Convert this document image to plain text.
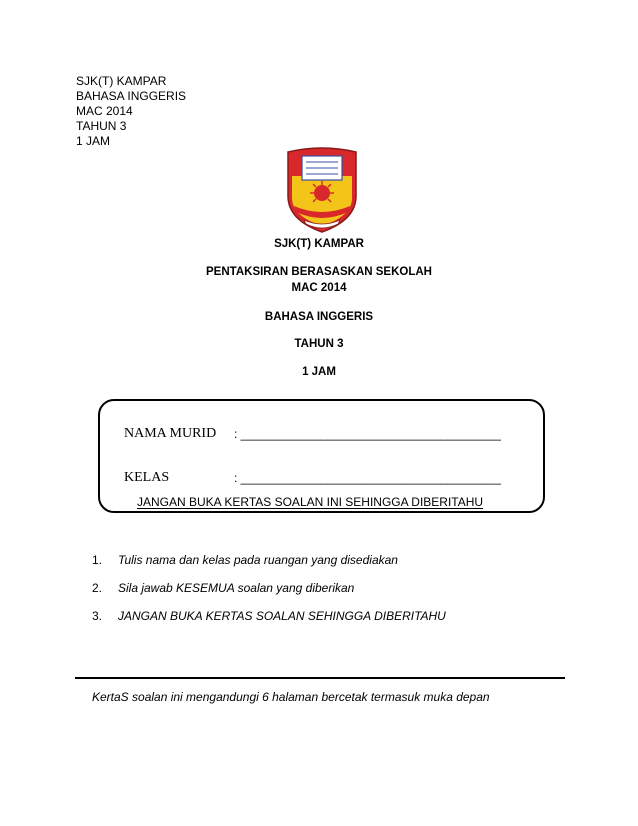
SJK(T) KAMPAR
BAHASA INGGERIS
MAC 2014
TAHUN 3
1 JAM
SJK(T) KAMPAR
PENTAKSIRAN BERASASKAN SEKOLAH
MAC 2014
BAHASA INGGERIS
TAHUN 3
1 JAM
NAMA MURID : _______________________________________
KELAS	: _______________________________________
JANGAN BUKA KERTAS SOALAN INI SEHINGGA DIBERITAHU
1. Tulis nama dan kelas pada ruangan yang disediakan
2. Sila jawab KESEMUA soalan yang diberikan
3. JANGAN BUKA KERTAS SOALAN SEHINGGA DIBERITAHU
KertaS soalan ini mengandungi 6 halaman bercetak termasuk muka depan
